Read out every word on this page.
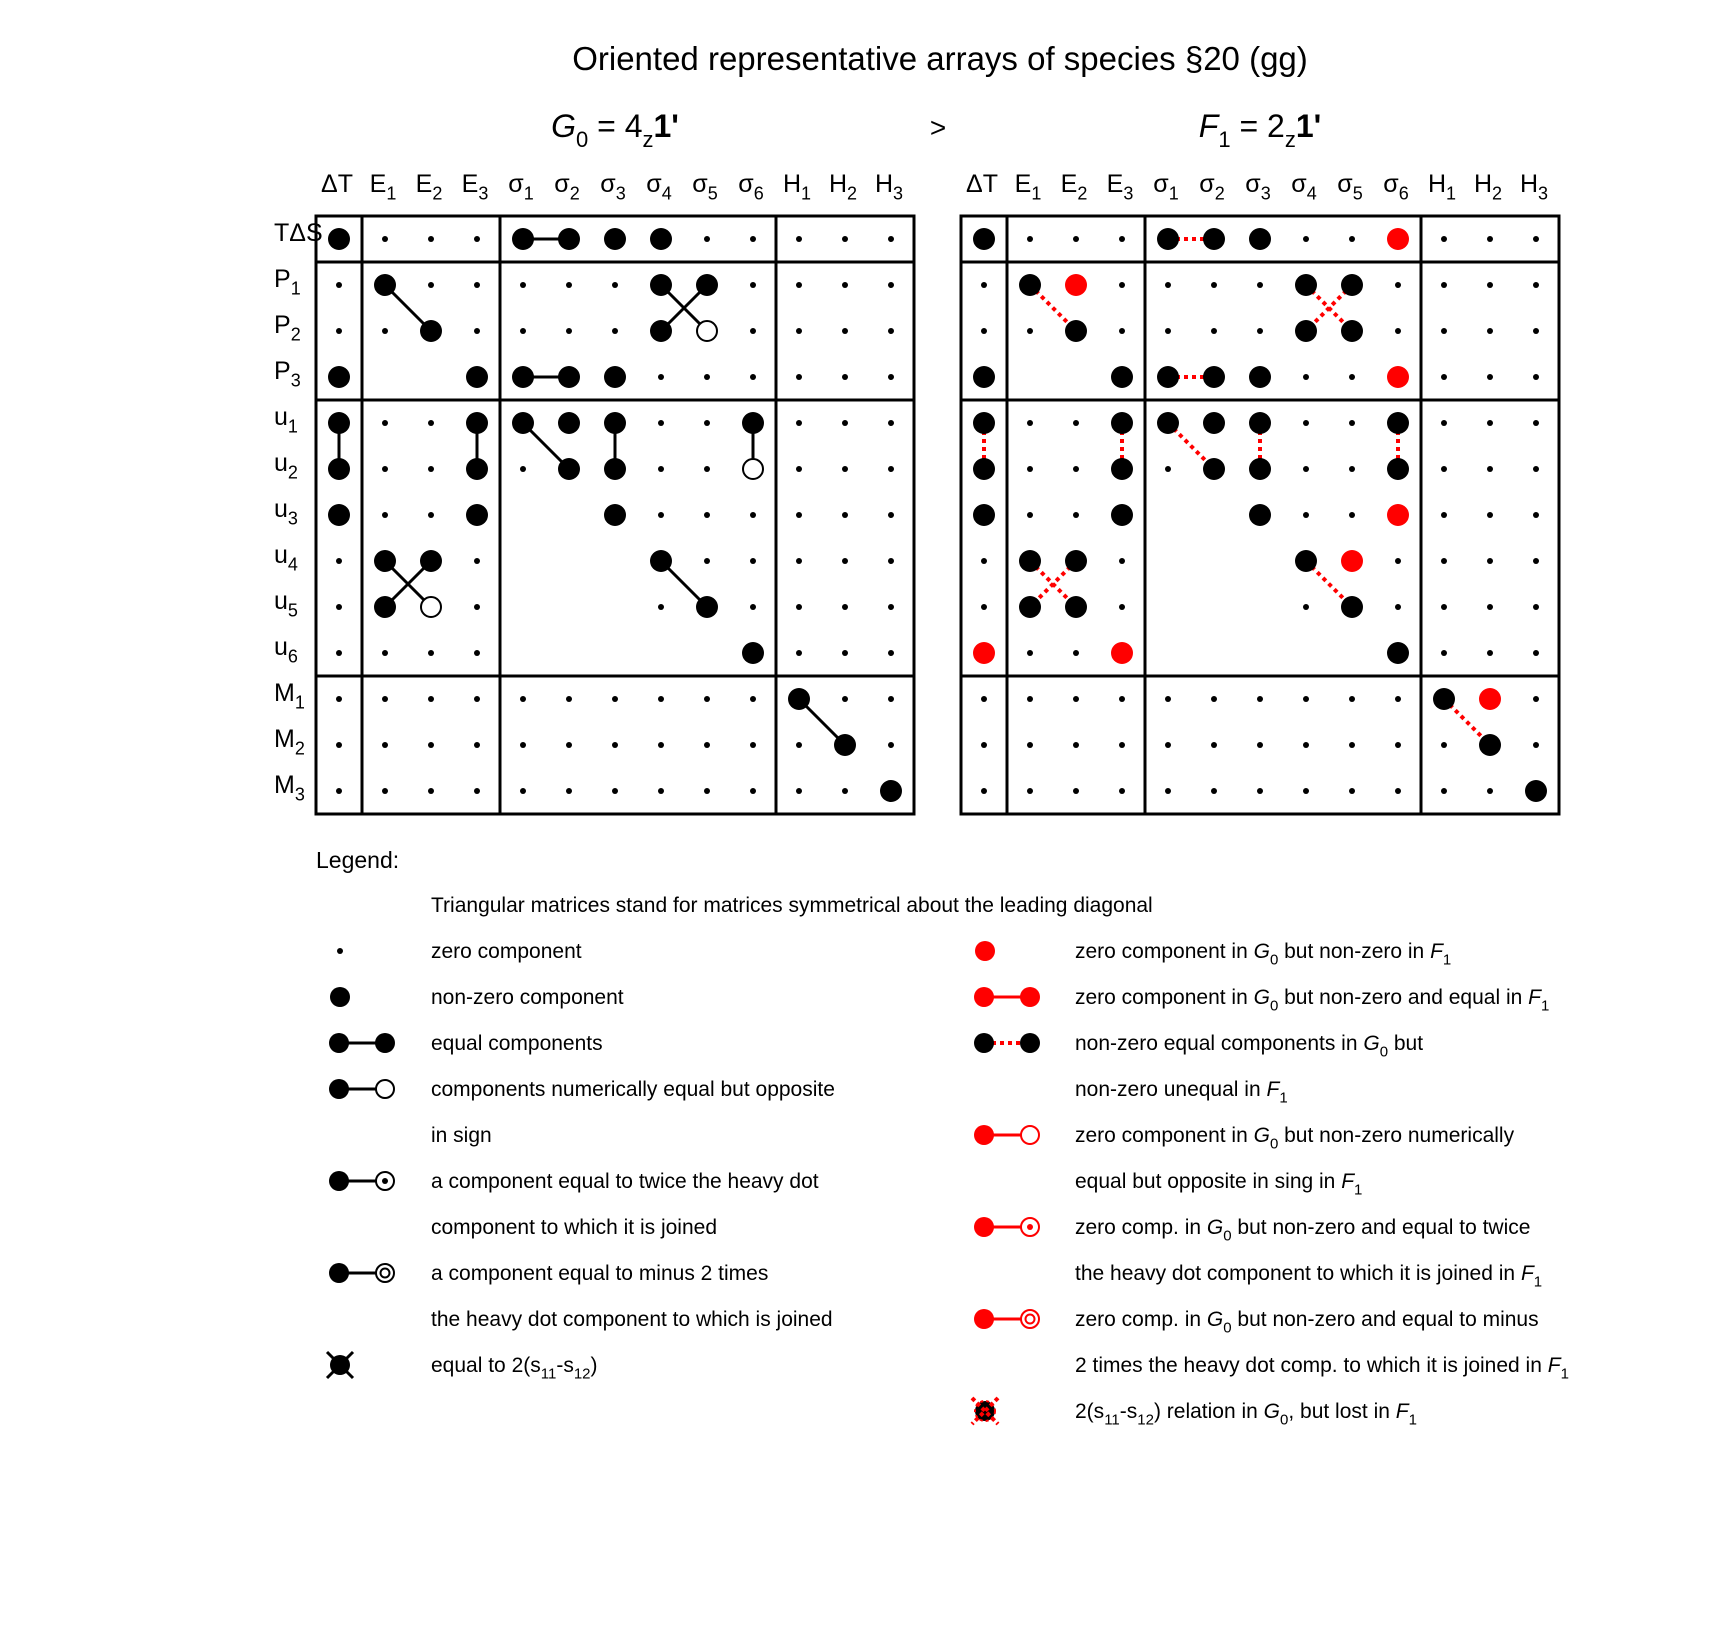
Oriented representative arrays of species §20 (gg)
>
$G_0 = 4_z1'$	$F_1 = 2_z1'$
ΔT $E_1$ $E_2$ $E_3$ $\sigma_1$ $\sigma_2$ $\sigma_3$ $\sigma_4$ $\sigma_5$ $\sigma_6$ $H_1$ $H_2$ $H_3$	ΔT $E_1$ $E_2$ $E_3$ $\sigma_1$ $\sigma_2$ $\sigma_3$ $\sigma_4$ $\sigma_5$ $\sigma_6$ $H_1$ $H_2$ $H_3$
TΔS
$P_1$
$P_2$
$P_3$
$u_1$
$u_2$
$u_3$
$u_4$
$u_5$
$u_6$
$M_1$
$M_2$
$M_3$
Legend:
Triangular matrices stand for matrices symmetrical about the leading diagonal
zero component
non-zero component
equal components
components numerically equal but opposite
in sign
a component equal to twice the heavy dot
component to which it is joined
a component equal to minus 2 times
the heavy dot component to which is joined
equal to $2(s_{11}-s_{12})$
zero component in $G_0$ but non-zero in $F_1$
zero component in $G_0$ but non-zero and equal in $F_1$
non-zero equal components in $G_0$ but
non-zero unequal in $F_1$
zero component in $G_0$ but non-zero numerically
equal but opposite in sing in $F_1$
zero comp. in $G_0$ but non-zero and equal to twice
the heavy dot component to which it is joined in $F_1$
zero comp. in $G_0$ but non-zero and equal to minus
2 times the heavy dot comp. to which it is joined in $F_1$
$2(s_{11}-s_{12})$ relation in $G_0$, but lost in $F_1$
